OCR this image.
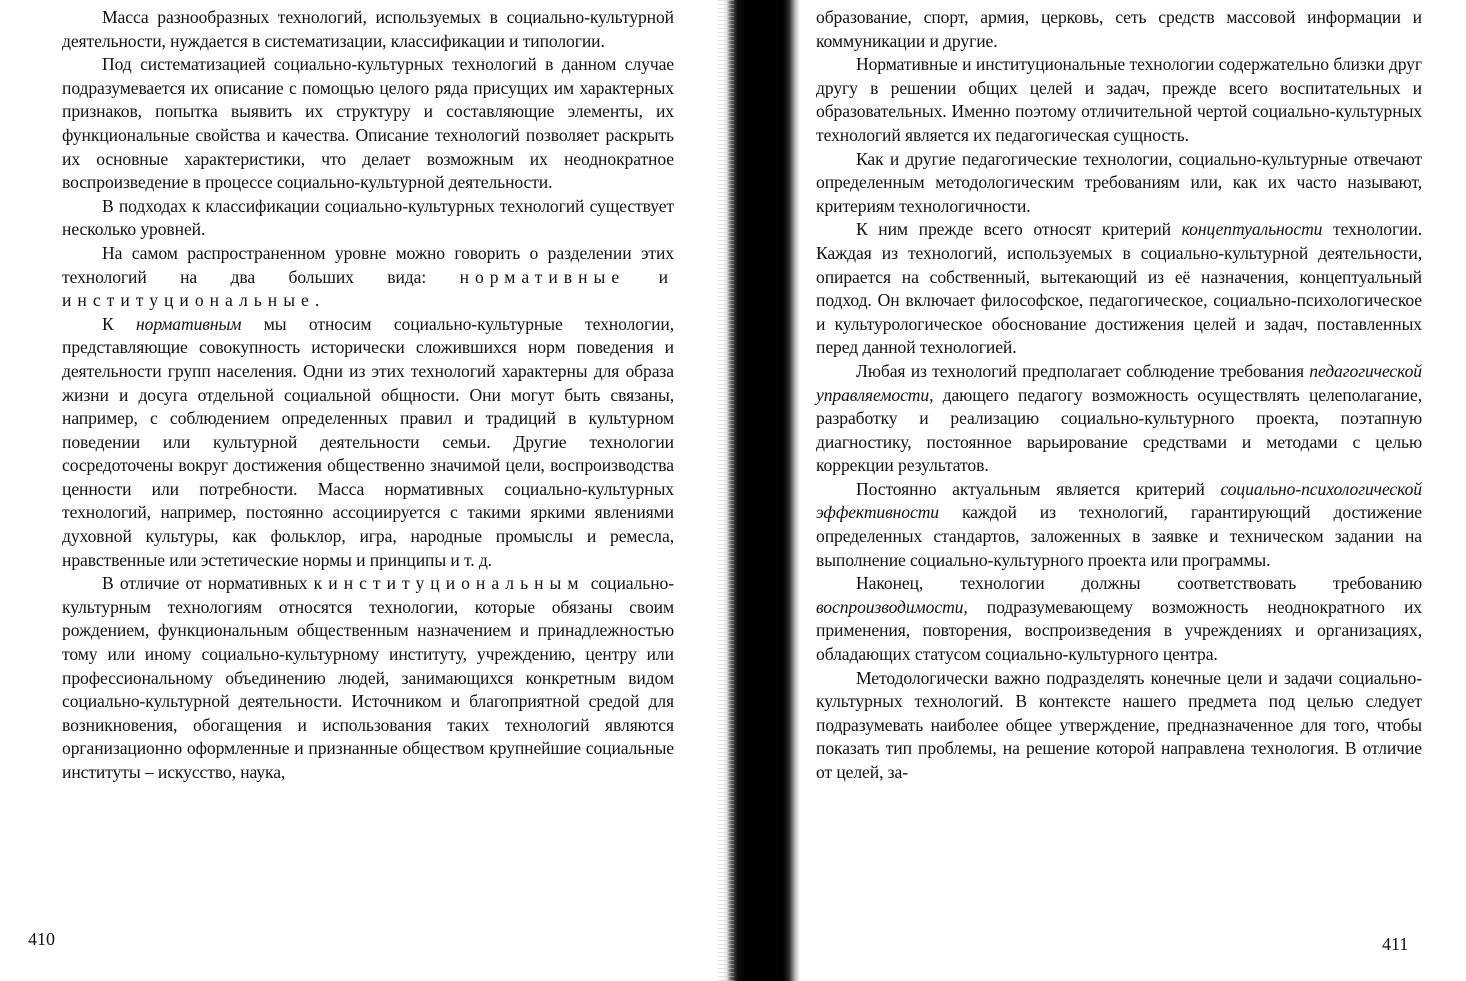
Масса разнообразных технологий, используемых в социально-культурной деятельности, нуждается в систематизации, классификации и типологии.

Под систематизацией социально-культурных технологий в данном случае подразумевается их описание с помощью целого ряда присущих им характерных признаков, попытка выявить их структуру и составляющие элементы, их функциональные свойства и качества. Описание технологий позволяет раскрыть их основные характеристики, что делает возможным их неоднократное воспроизведение в процессе социально-культурной деятельности.

В подходах к классификации социально-культурных технологий существует несколько уровней.

На самом распространенном уровне можно говорить о разделении этих технологий на два больших вида: нормативные и институциональные.

К нормативным мы относим социально-культурные технологии, представляющие совокупность исторически сложившихся норм поведения и деятельности групп населения. Одни из этих технологий характерны для образа жизни и досуга отдельной социальной общности. Они могут быть связаны, например, с соблюдением определенных правил и традиций в культурном поведении или культурной деятельности семьи. Другие технологии сосредоточены вокруг достижения общественно значимой цели, воспроизводства ценности или потребности. Масса нормативных социально-культурных технологий, например, постоянно ассоциируется с такими яркими явлениями духовной культуры, как фольклор, игра, народные промыслы и ремесла, нравственные или эстетические нормы и принципы и т. д.

В отличие от нормативных к институциональным социально-культурным технологиям относятся технологии, которые обязаны своим рождением, функциональным общественным назначением и принадлежностью тому или иному социально-культурному институту, учреждению, центру или профессиональному объединению людей, занимающихся конкретным видом социально-культурной деятельности. Источником и благоприятной средой для возникновения, обогащения и использования таких технологий являются организационно оформленные и признанные обществом крупнейшие социальные институты – искусство, наука,

410

образование, спорт, армия, церковь, сеть средств массовой информации и коммуникации и другие.

Нормативные и институциональные технологии содержательно близки друг другу в решении общих целей и задач, прежде всего воспитательных и образовательных. Именно поэтому отличительной чертой социально-культурных технологий является их педагогическая сущность.

Как и другие педагогические технологии, социально-культурные отвечают определенным методологическим требованиям или, как их часто называют, критериям технологичности.

К ним прежде всего относят критерий концептуальности технологии. Каждая из технологий, используемых в социально-культурной деятельности, опирается на собственный, вытекающий из её назначения, концептуальный подход. Он включает философское, педагогическое, социально-психологическое и культурологическое обоснование достижения целей и задач, поставленных перед данной технологией.

Любая из технологий предполагает соблюдение требования педагогической управляемости, дающего педагогу возможность осуществлять целеполагание, разработку и реализацию социально-культурного проекта, поэтапную диагностику, постоянное варьирование средствами и методами с целью коррекции результатов.

Постоянно актуальным является критерий социально-психологической эффективности каждой из технологий, гарантирующий достижение определенных стандартов, заложенных в заявке и техническом задании на выполнение социально-культурного проекта или программы.

Наконец, технологии должны соответствовать требованию воспроизводимости, подразумевающему возможность неоднократного их применения, повторения, воспроизведения в учреждениях и организациях, обладающих статусом социально-культурного центра.

Методологически важно подразделять конечные цели и задачи социально-культурных технологий. В контексте нашего предмета под целью следует подразумевать наиболее общее утверждение, предназначенное для того, чтобы показать тип проблемы, на решение которой направлена технология. В отличие от целей, за-

411
